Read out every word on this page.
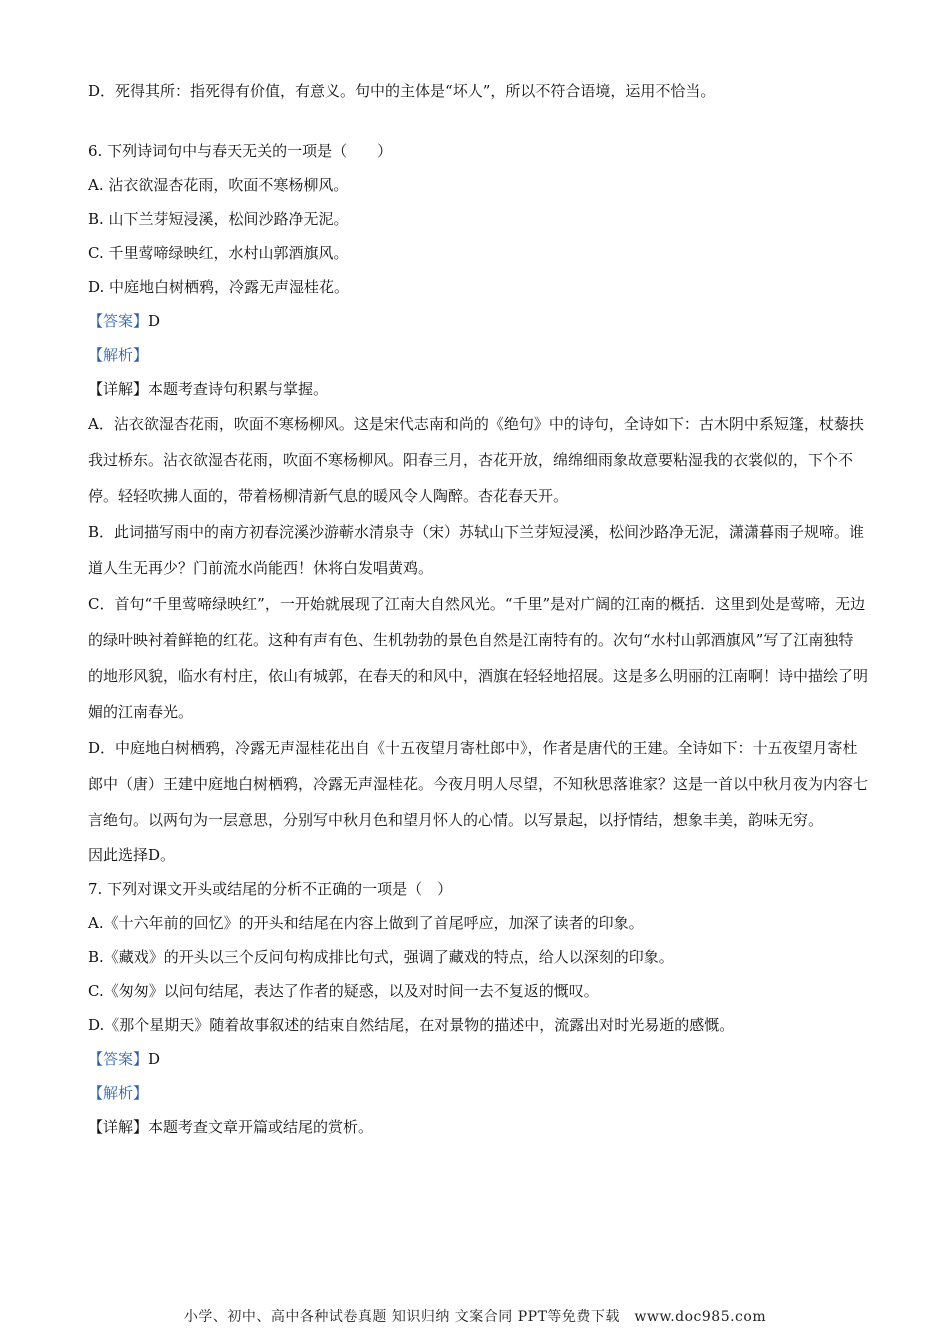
D．死得其所：指死得有价值，有意义。句中的主体是“坏人”，所以不符合语境，运用不恰当。

6. 下列诗词句中与春天无关的一项是（　　）

A. 沾衣欲湿杏花雨，吹面不寒杨柳风。

B. 山下兰芽短浸溪，松间沙路净无泥。

C. 千里莺啼绿映红，水村山郭酒旗风。

D. 中庭地白树栖鸦，冷露无声湿桂花。

【答案】D

【解析】

【详解】本题考查诗句积累与掌握。

A．沾衣欲湿杏花雨，吹面不寒杨柳风。这是宋代志南和尚的《绝句》中的诗句，全诗如下：古木阴中系短篷，杖藜扶我过桥东。沾衣欲湿杏花雨，吹面不寒杨柳风。阳春三月，杏花开放，绵绵细雨象故意要粘湿我的衣裳似的，下个不停。轻轻吹拂人面的，带着杨柳清新气息的暖风令人陶醉。杏花春天开。

B．此词描写雨中的南方初春浣溪沙游蕲水清泉寺（宋）苏轼山下兰芽短浸溪，松间沙路净无泥，潇潇暮雨子规啼。谁道人生无再少？门前流水尚能西！休将白发唱黄鸡。

C．首句“千里莺啼绿映红”，一开始就展现了江南大自然风光。“千里”是对广阔的江南的概括．这里到处是莺啼，无边的绿叶映衬着鲜艳的红花。这种有声有色、生机勃勃的景色自然是江南特有的。次句“水村山郭酒旗风”写了江南独特的地形风貌，临水有村庄，依山有城郭，在春天的和风中，酒旗在轻轻地招展。这是多么明丽的江南啊！诗中描绘了明媚的江南春光。

D．中庭地白树栖鸦，冷露无声湿桂花出自《十五夜望月寄杜郎中》，作者是唐代的王建。全诗如下：十五夜望月寄杜郎中（唐）王建中庭地白树栖鸦，冷露无声湿桂花。今夜月明人尽望，不知秋思落谁家？这是一首以中秋月夜为内容七言绝句。以两句为一层意思，分别写中秋月色和望月怀人的心情。以写景起，以抒情结，想象丰美，韵味无穷。

因此选择D。

7. 下列对课文开头或结尾的分析不正确的一项是（　）

A.《十六年前的回忆》的开头和结尾在内容上做到了首尾呼应，加深了读者的印象。

B.《藏戏》的开头以三个反问句构成排比句式，强调了藏戏的特点，给人以深刻的印象。

C.《匆匆》以问句结尾，表达了作者的疑惑，以及对时间一去不复返的慨叹。

D.《那个星期天》随着故事叙述的结束自然结尾，在对景物的描述中，流露出对时光易逝的感慨。

【答案】D

【解析】

【详解】本题考查文章开篇或结尾的赏析。

小学、初中、高中各种试卷真题 知识归纳 文案合同 PPT等免费下载　www.doc985.com
